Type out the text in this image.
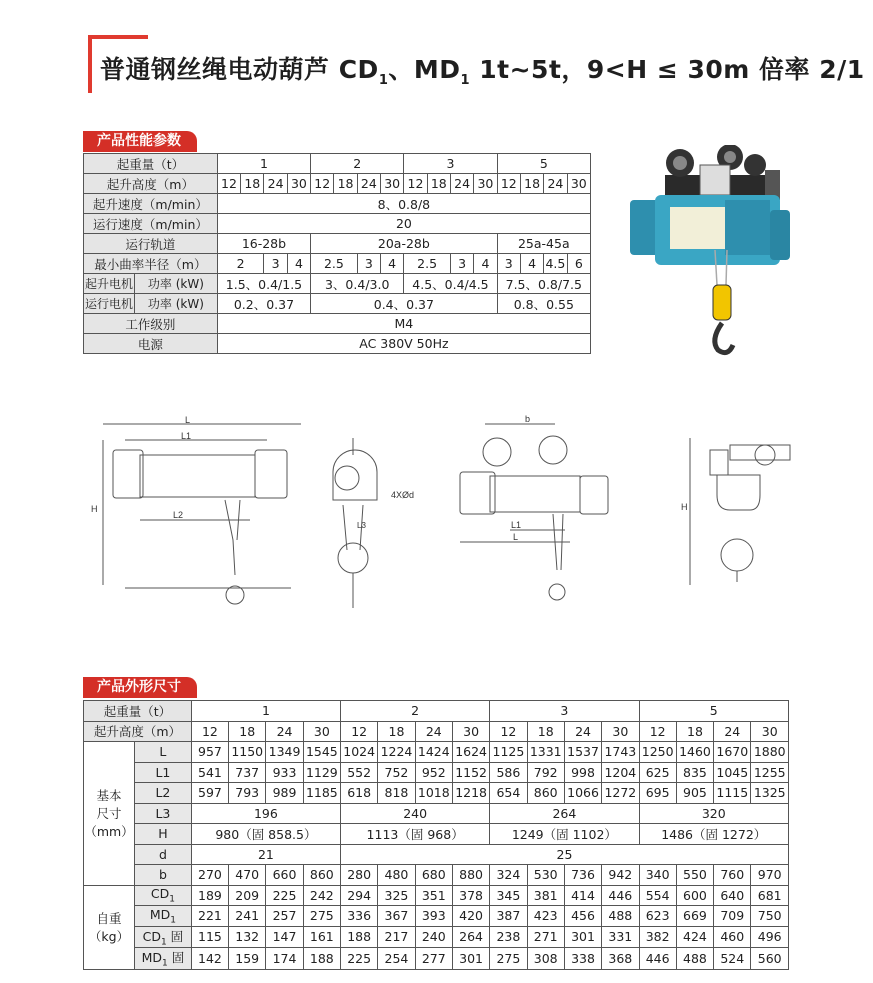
普通钢丝绳电动葫芦 $CD_1$、$MD_1$ 1t~5t，9<H ≤ 30m 倍率 2/1
产品性能参数
起重量（t）		1				2				3				5			
起升高度（m）		12	18	24	30	12	18	24	30	12	18	24	30	12	18	24	30
起升速度（m/min）		8、0.8/8															
运行速度（m/min）		20															
运行轨道		16-28b				20a-28b								25a-45a			
最小曲率半径（m）		2		3	4	2.5		3	4	2.5		3	4	3	4	4.5	6
起升电机	功率 (kW)	1.5、0.4/1.5				3、0.4/3.0				4.5、0.4/4.5				7.5、0.8/7.5			
运行电机	功率 (kW)	0.2、0.37				0.4、0.37								0.8、0.55			
工作级别		M4															
电源		AC 380V 50Hz															
L
L1
L2
H
4XØd
L3
b
L1
L
H
产品外形尺寸
起重量（t）		1				2				3				5			
起升高度（m）		12	18	24	30	12	18	24	30	12	18	24	30	12	18	24	30

基本
尺寸
（mm）	L	957	1150	1349	1545	1024	1224	1424	1624	1125	1331	1537	1743	1250	1460	1670	1880
	L1	541	737	933	1129	552	752	952	1152	586	792	998	1204	625	835	1045	1255
	L2	597	793	989	1185	618	818	1018	1218	654	860	1066	1272	695	905	1115	1325
	L3	196				240				264				320			
	H	980（固 858.5）				1113（固 968）				1249（固 1102）				1486（固 1272）			
	d	21				25											
	b	270	470	660	860	280	480	680	880	324	530	736	942	340	550	760	970

自重
（kg）	$CD_1$	189	209	225	242	294	325	351	378	345	381	414	446	554	600	640	681
	$MD_1$	221	241	257	275	336	367	393	420	387	423	456	488	623	669	709	750
	$CD_1$ 固	115	132	147	161	188	217	240	264	238	271	301	331	382	424	460	496
	$MD_1$ 固	142	159	174	188	225	254	277	301	275	308	338	368	446	488	524	560
